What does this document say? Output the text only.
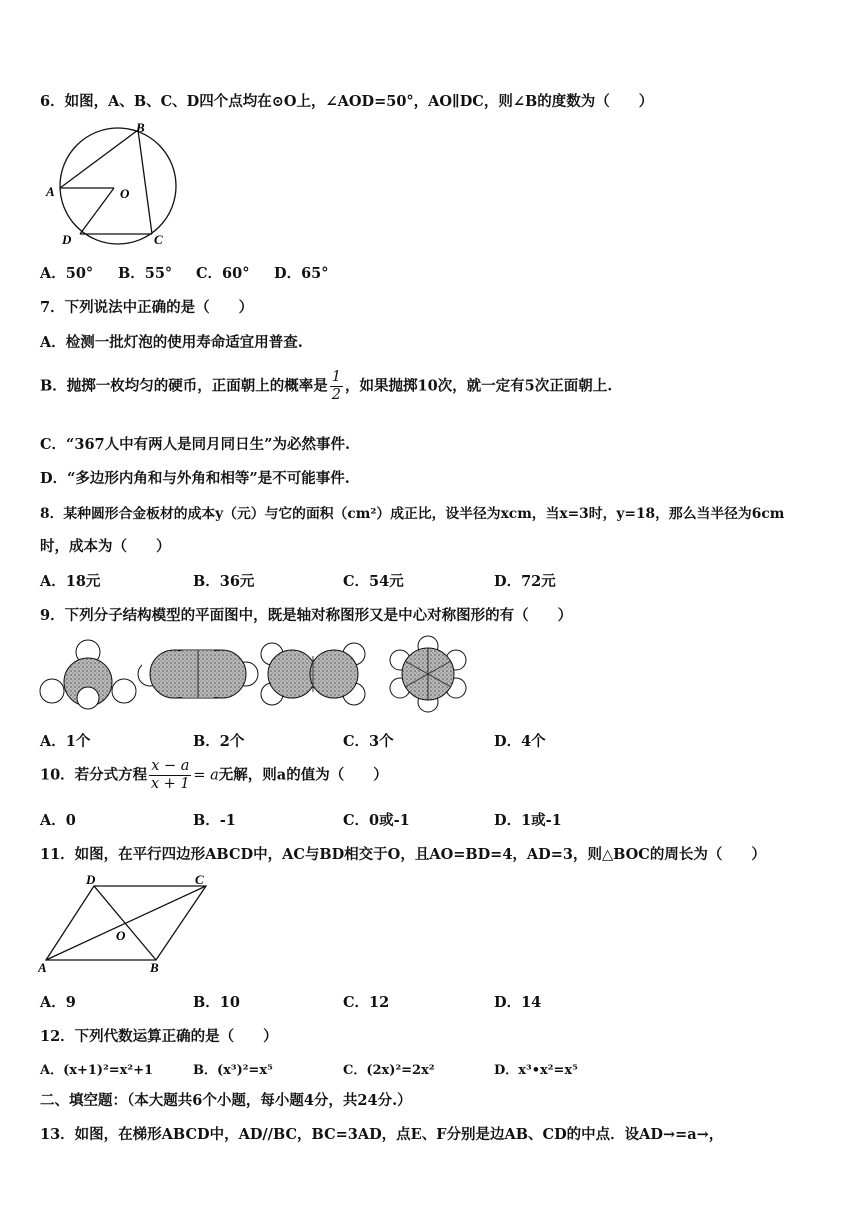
6．如图，A、B、C、D四个点均在⊙O上，∠AOD=50°，AO∥DC，则∠B的度数为（　　）
A
B
C
D
O
A．50° B．55° C．60° D．65°
7．下列说法中正确的是（　　）
A．检测一批灯泡的使用寿命适宜用普查.
B．抛掷一枚均匀的硬币，正面朝上的概率是 $\frac{1}{2}$ ，如果抛掷10次，就一定有5次正面朝上.
C．“367人中有两人是同月同日生”为必然事件.
D．“多边形内角和与外角和相等”是不可能事件.
8．某种圆形合金板材的成本y（元）与它的面积（cm²）成正比，设半径为xcm，当x=3时，y=18，那么当半径为6cm
时，成本为（　　）
A．18元	B．36元	C．54元	D．72元
9．下列分子结构模型的平面图中，既是轴对称图形又是中心对称图形的有（　　）
A．1个	B．2个	C．3个	D．4个
10．若分式方程 $\frac{x - a}{x + 1} = a$无解，则a的值为（　　）
A．0	B．-1	C．0或-1	D．1或-1
11．如图，在平行四边形ABCD中，AC与BD相交于O，且AO=BD=4，AD=3，则△BOC的周长为（　　）
A	B
C
D
O
A．9	B．10	C．12	D．14
12．下列代数运算正确的是（　　）
A．(x+1)²=x²+1	B．(x³)²=x⁵	C．(2x)²=2x²	D．x³•x²=x⁵
二、填空题：（本大题共6个小题，每小题4分，共24分.）
13．如图，在梯形ABCD中，AD//BC，BC=3AD，点E、F分别是边AB、CD的中点．设AD→=a→，
